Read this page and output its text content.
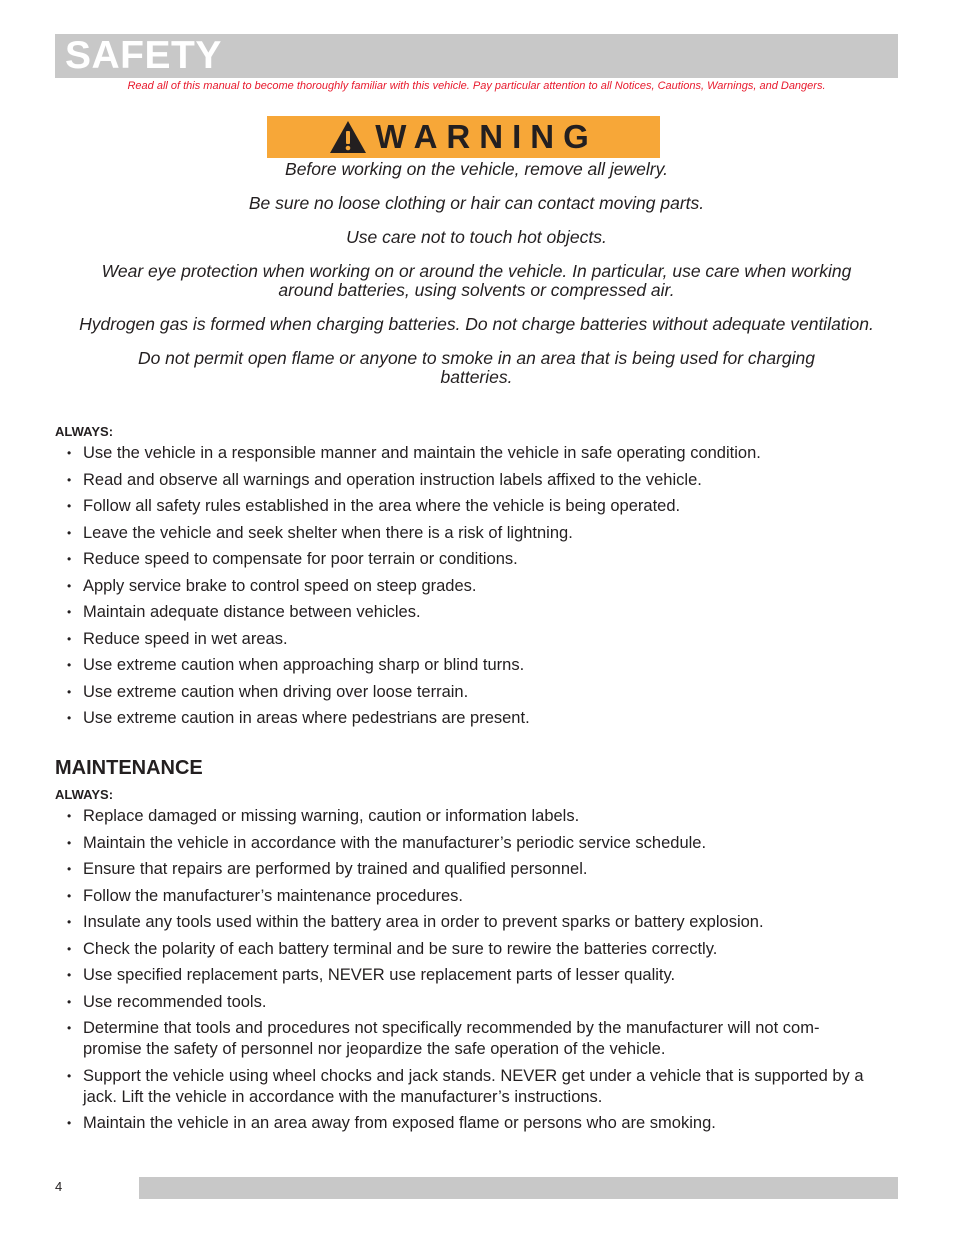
SAFETY
Read all of this manual to become thoroughly familiar with this vehicle. Pay particular attention to all Notices, Cautions, Warnings, and Dangers.
WARNING

Before working on the vehicle, remove all jewelry.

Be sure no loose clothing or hair can contact moving parts.

Use care not to touch hot objects.

Wear eye protection when working on or around the vehicle. In particular, use care when working around batteries, using solvents or compressed air.

Hydrogen gas is formed when charging batteries. Do not charge batteries without adequate ventilation.

Do not permit open flame or anyone to smoke in an area that is being used for charging batteries.

ALWAYS:
• Use the vehicle in a responsible manner and maintain the vehicle in safe operating condition.
• Read and observe all warnings and operation instruction labels affixed to the vehicle.
• Follow all safety rules established in the area where the vehicle is being operated.
• Leave the vehicle and seek shelter when there is a risk of lightning.
• Reduce speed to compensate for poor terrain or conditions.
• Apply service brake to control speed on steep grades.
• Maintain adequate distance between vehicles.
• Reduce speed in wet areas.
• Use extreme caution when approaching sharp or blind turns.
• Use extreme caution when driving over loose terrain.
• Use extreme caution in areas where pedestrians are present.
MAINTENANCE
ALWAYS:
• Replace damaged or missing warning, caution or information labels.
• Maintain the vehicle in accordance with the manufacturer’s periodic service schedule.
• Ensure that repairs are performed by trained and qualified personnel.
• Follow the manufacturer’s maintenance procedures.
• Insulate any tools used within the battery area in order to prevent sparks or battery explosion.
• Check the polarity of each battery terminal and be sure to rewire the batteries correctly.
• Use specified replacement parts, NEVER use replacement parts of lesser quality.
• Use recommended tools.
• Determine that tools and procedures not specifically recommended by the manufacturer will not com- promise the safety of personnel nor jeopardize the safe operation of the vehicle.
• Support the vehicle using wheel chocks and jack stands. NEVER get under a vehicle that is supported by a jack. Lift the vehicle in accordance with the manufacturer’s instructions.
• Maintain the vehicle in an area away from exposed flame or persons who are smoking.
4
